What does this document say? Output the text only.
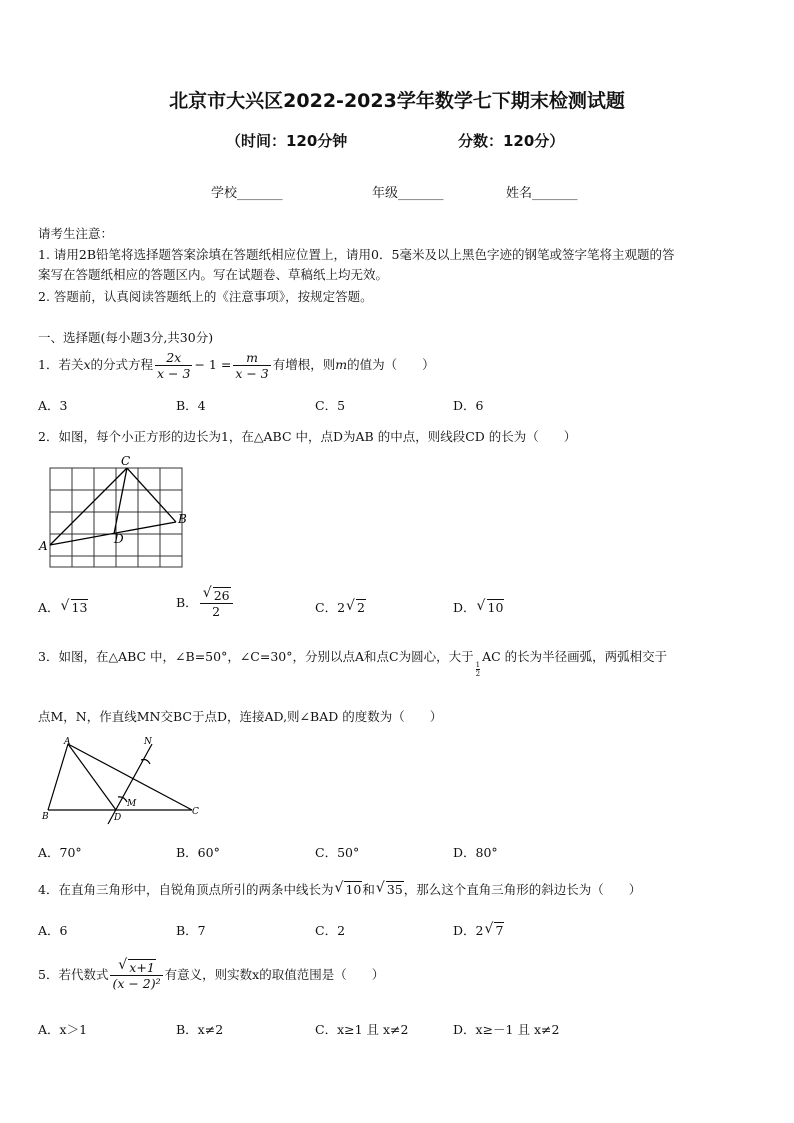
北京市大兴区2022-2023学年数学七下期末检测试题
（时间：120分钟	分数：120分）
学校_______	年级_______	姓名_______
请考生注意：
1. 请用2B铅笔将选择题答案涂填在答题纸相应位置上，请用0．5毫米及以上黑色字迹的钢笔或签字笔将主观题的答
案写在答题纸相应的答题区内。写在试题卷、草稿纸上均无效。
2. 答题前，认真阅读答题纸上的《注意事项》，按规定答题。
一、选择题(每小题3分,共30分)
1．若关x的分式方程 $\frac{2x}{x - 3} - 1 = \frac{m}{x - 3}$ 有增根，则m的值为（　　）
A．3	B．4	C．5	D．6
2．如图，每个小正方形的边长为1，在△ABC 中，点D为AB 的中点，则线段CD 的长为（　　）
A
B
C
D
A． √ 13	B． √ $\frac{26}{2}$	C．2 √ 2	D． √ 10
3．如图，在△ABC 中，∠B=50°，∠C=30°，分别以点A和点C为圆心，大于
$\frac{1}{2}$
AC 的长为半径画弧，两弧相交于
点M，N，作直线MN交BC于点D，连接AD,则∠BAD 的度数为（　　）
A
B	C
D
M
N
A．70°	B．60°	C．50°	D．80°
4．在直角三角形中，自锐角顶点所引的两条中线长为 √ 10和 √ 35，那么这个直角三角形的斜边长为（　　）
A．6	B．7	C．2	D．2 √ 7
5．若代数式 √ $\frac{x+1}{\text{(x − 2)²}}$ 有意义，则实数x的取值范围是（　　）
A．x＞1	B．x≠2	C．x≥1 且 x≠2	D．x≥－1 且 x≠2
